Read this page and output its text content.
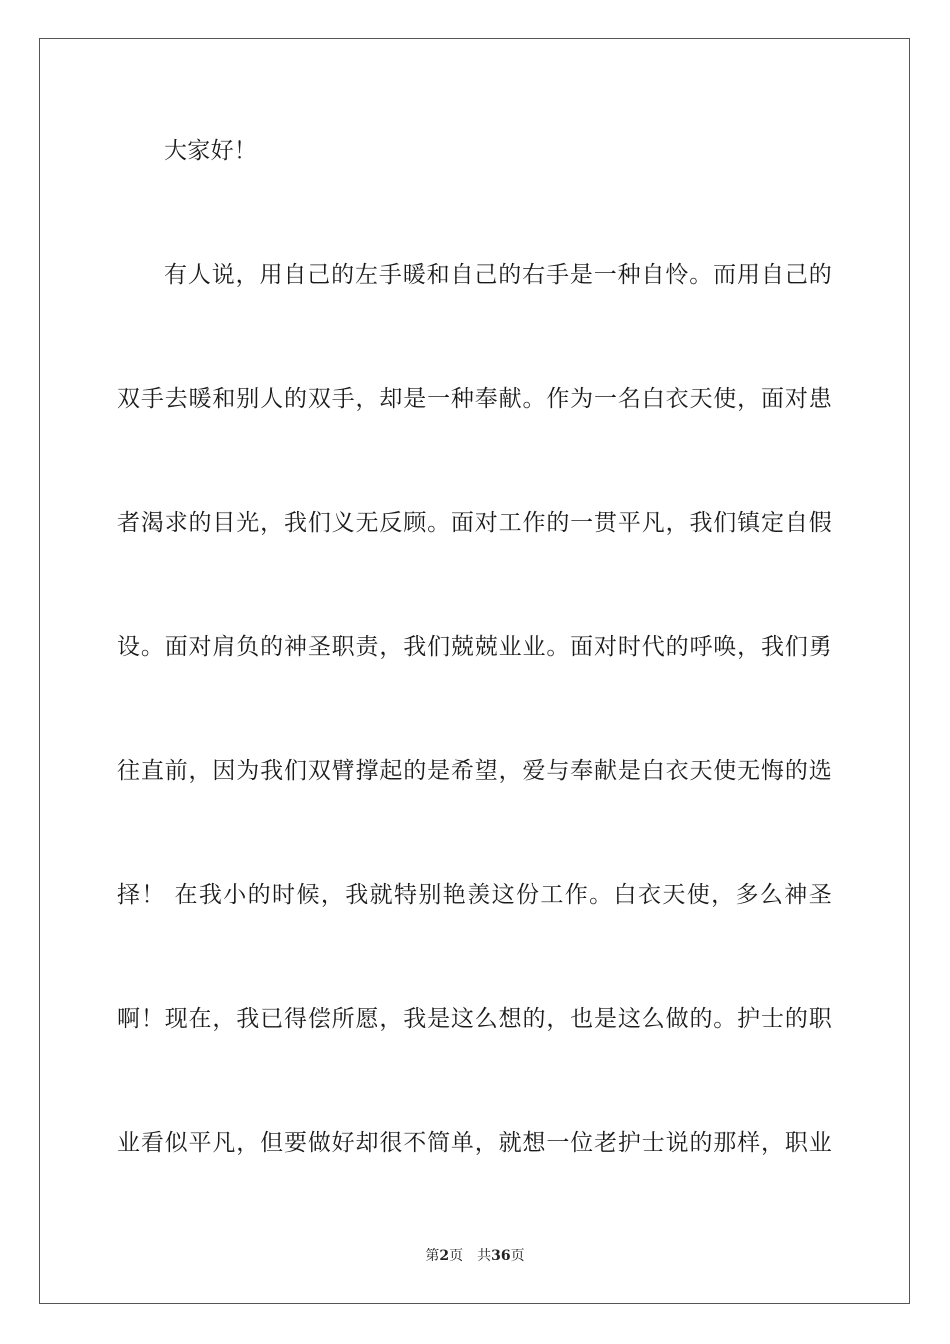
大家好！
有人说，用自己的左手暖和自己的右手是一种自怜。而用自己的
双手去暖和别人的双手，却是一种奉献。作为一名白衣天使，面对患
者渴求的目光，我们义无反顾。面对工作的一贯平凡，我们镇定自假
设。面对肩负的神圣职责，我们兢兢业业。面对时代的呼唤，我们勇
往直前，因为我们双臂撑起的是希望，爱与奉献是白衣天使无悔的选
择！ 在我小的时候，我就特别艳羡这份工作。白衣天使，多么神圣
啊！现在，我已得偿所愿，我是这么想的，也是这么做的。护士的职
业看似平凡，但要做好却很不简单，就想一位老护士说的那样，职业
第2页 共36页
